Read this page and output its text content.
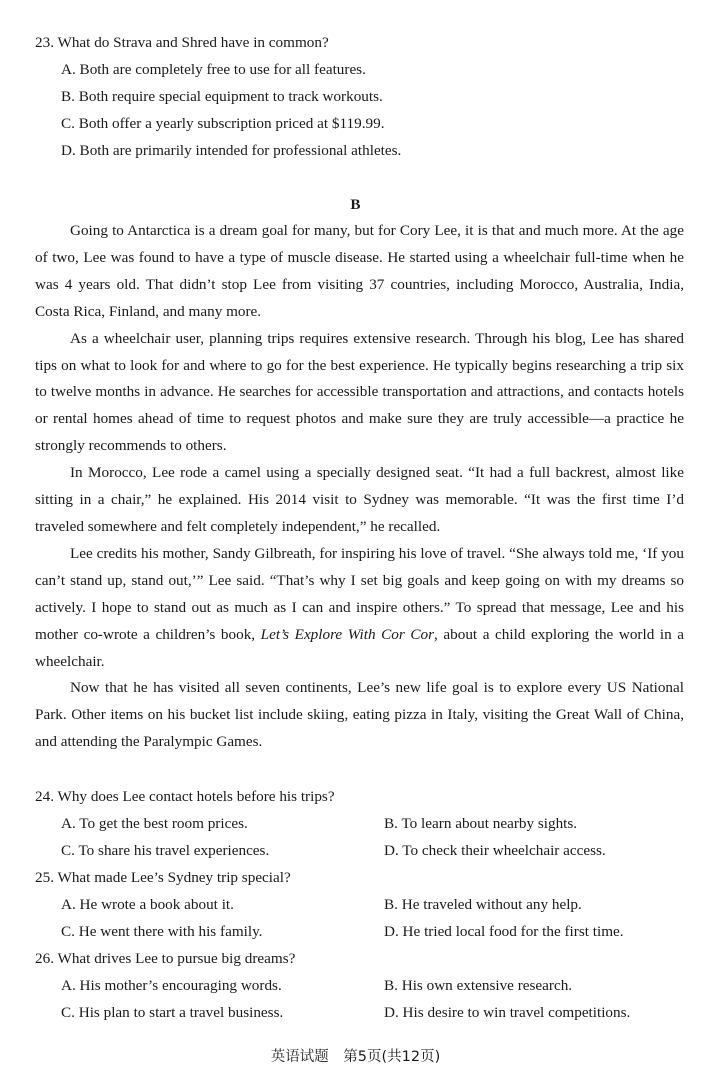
23. What do Strava and Shred have in common?
A. Both are completely free to use for all features.
B. Both require special equipment to track workouts.
C. Both offer a yearly subscription priced at $119.99.
D. Both are primarily intended for professional athletes.
B

Going to Antarctica is a dream goal for many, but for Cory Lee, it is that and much more. At the age of two, Lee was found to have a type of muscle disease. He started using a wheelchair full-time when he was 4 years old. That didn’t stop Lee from visiting 37 countries, including Morocco, Australia, India, Costa Rica, Finland, and many more.

As a wheelchair user, planning trips requires extensive research. Through his blog, Lee has shared tips on what to look for and where to go for the best experience. He typically begins researching a trip six to twelve months in advance. He searches for accessible transportation and attractions, and contacts hotels or rental homes ahead of time to request photos and make sure they are truly accessible—a practice he strongly recommends to others.

In Morocco, Lee rode a camel using a specially designed seat. “It had a full backrest, almost like sitting in a chair,” he explained. His 2014 visit to Sydney was memorable. “It was the first time I’d traveled somewhere and felt completely independent,” he recalled.

Lee credits his mother, Sandy Gilbreath, for inspiring his love of travel. “She always told me, ‘If you can’t stand up, stand out,’” Lee said. “That’s why I set big goals and keep going on with my dreams so actively. I hope to stand out as much as I can and inspire others.” To spread that message, Lee and his mother co-wrote a children’s book, Let’s Explore With Cor Cor, about a child exploring the world in a wheelchair.

Now that he has visited all seven continents, Lee’s new life goal is to explore every US National Park. Other items on his bucket list include skiing, eating pizza in Italy, visiting the Great Wall of China, and attending the Paralympic Games.

24. Why does Lee contact hotels before his trips?
A. To get the best room prices.	B. To learn about nearby sights.
C. To share his travel experiences.	D. To check their wheelchair access.
25. What made Lee’s Sydney trip special?
A. He wrote a book about it.	B. He traveled without any help.
C. He went there with his family.	D. He tried local food for the first time.
26. What drives Lee to pursue big dreams?
A. His mother’s encouraging words.	B. His own extensive research.
C. His plan to start a travel business.	D. His desire to win travel competitions.
英语试题　第5页(共12页)
